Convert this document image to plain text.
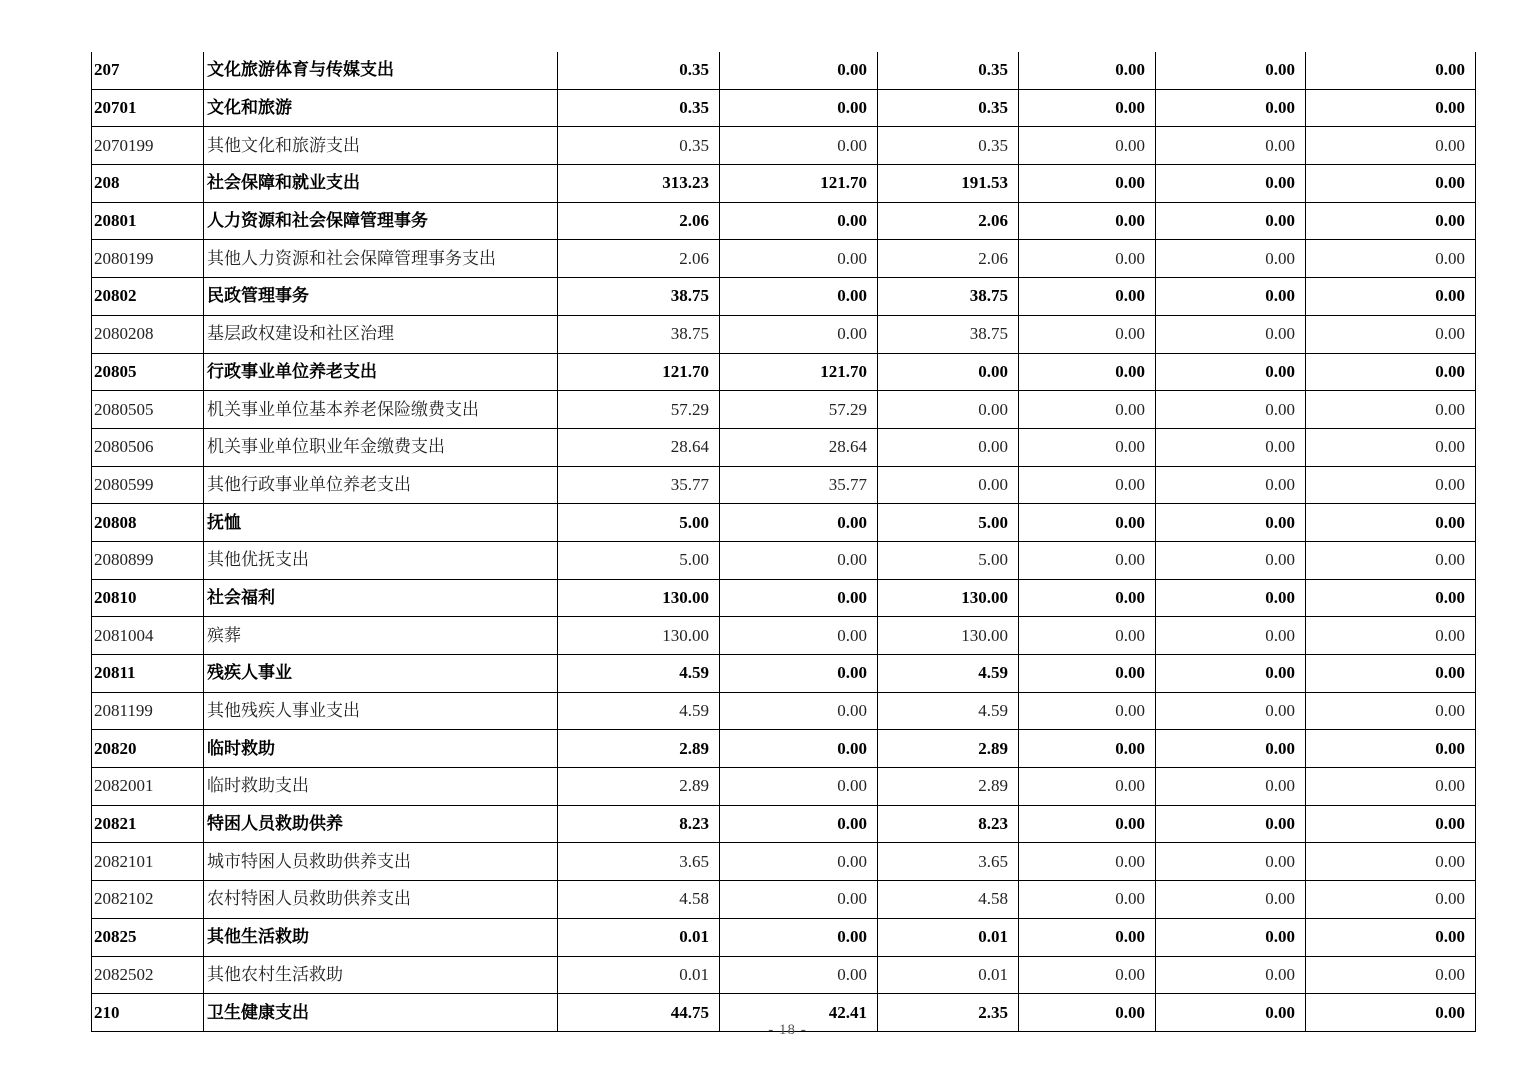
207	文化旅游体育与传媒支出	0.35	0.00	0.35	0.00	0.00	0.00
20701	文化和旅游	0.35	0.00	0.35	0.00	0.00	0.00
2070199	其他文化和旅游支出	0.35	0.00	0.35	0.00	0.00	0.00
208	社会保障和就业支出	313.23	121.70	191.53	0.00	0.00	0.00
20801	人力资源和社会保障管理事务	2.06	0.00	2.06	0.00	0.00	0.00
2080199	其他人力资源和社会保障管理事务支出	2.06	0.00	2.06	0.00	0.00	0.00
20802	民政管理事务	38.75	0.00	38.75	0.00	0.00	0.00
2080208	基层政权建设和社区治理	38.75	0.00	38.75	0.00	0.00	0.00
20805	行政事业单位养老支出	121.70	121.70	0.00	0.00	0.00	0.00
2080505	机关事业单位基本养老保险缴费支出	57.29	57.29	0.00	0.00	0.00	0.00
2080506	机关事业单位职业年金缴费支出	28.64	28.64	0.00	0.00	0.00	0.00
2080599	其他行政事业单位养老支出	35.77	35.77	0.00	0.00	0.00	0.00
20808	抚恤	5.00	0.00	5.00	0.00	0.00	0.00
2080899	其他优抚支出	5.00	0.00	5.00	0.00	0.00	0.00
20810	社会福利	130.00	0.00	130.00	0.00	0.00	0.00
2081004	殡葬	130.00	0.00	130.00	0.00	0.00	0.00
20811	残疾人事业	4.59	0.00	4.59	0.00	0.00	0.00
2081199	其他残疾人事业支出	4.59	0.00	4.59	0.00	0.00	0.00
20820	临时救助	2.89	0.00	2.89	0.00	0.00	0.00
2082001	临时救助支出	2.89	0.00	2.89	0.00	0.00	0.00
20821	特困人员救助供养	8.23	0.00	8.23	0.00	0.00	0.00
2082101	城市特困人员救助供养支出	3.65	0.00	3.65	0.00	0.00	0.00
2082102	农村特困人员救助供养支出	4.58	0.00	4.58	0.00	0.00	0.00
20825	其他生活救助	0.01	0.00	0.01	0.00	0.00	0.00
2082502	其他农村生活救助	0.01	0.00	0.01	0.00	0.00	0.00
210	卫生健康支出	44.75	42.41	2.35	0.00	0.00	0.00
- 18 -
